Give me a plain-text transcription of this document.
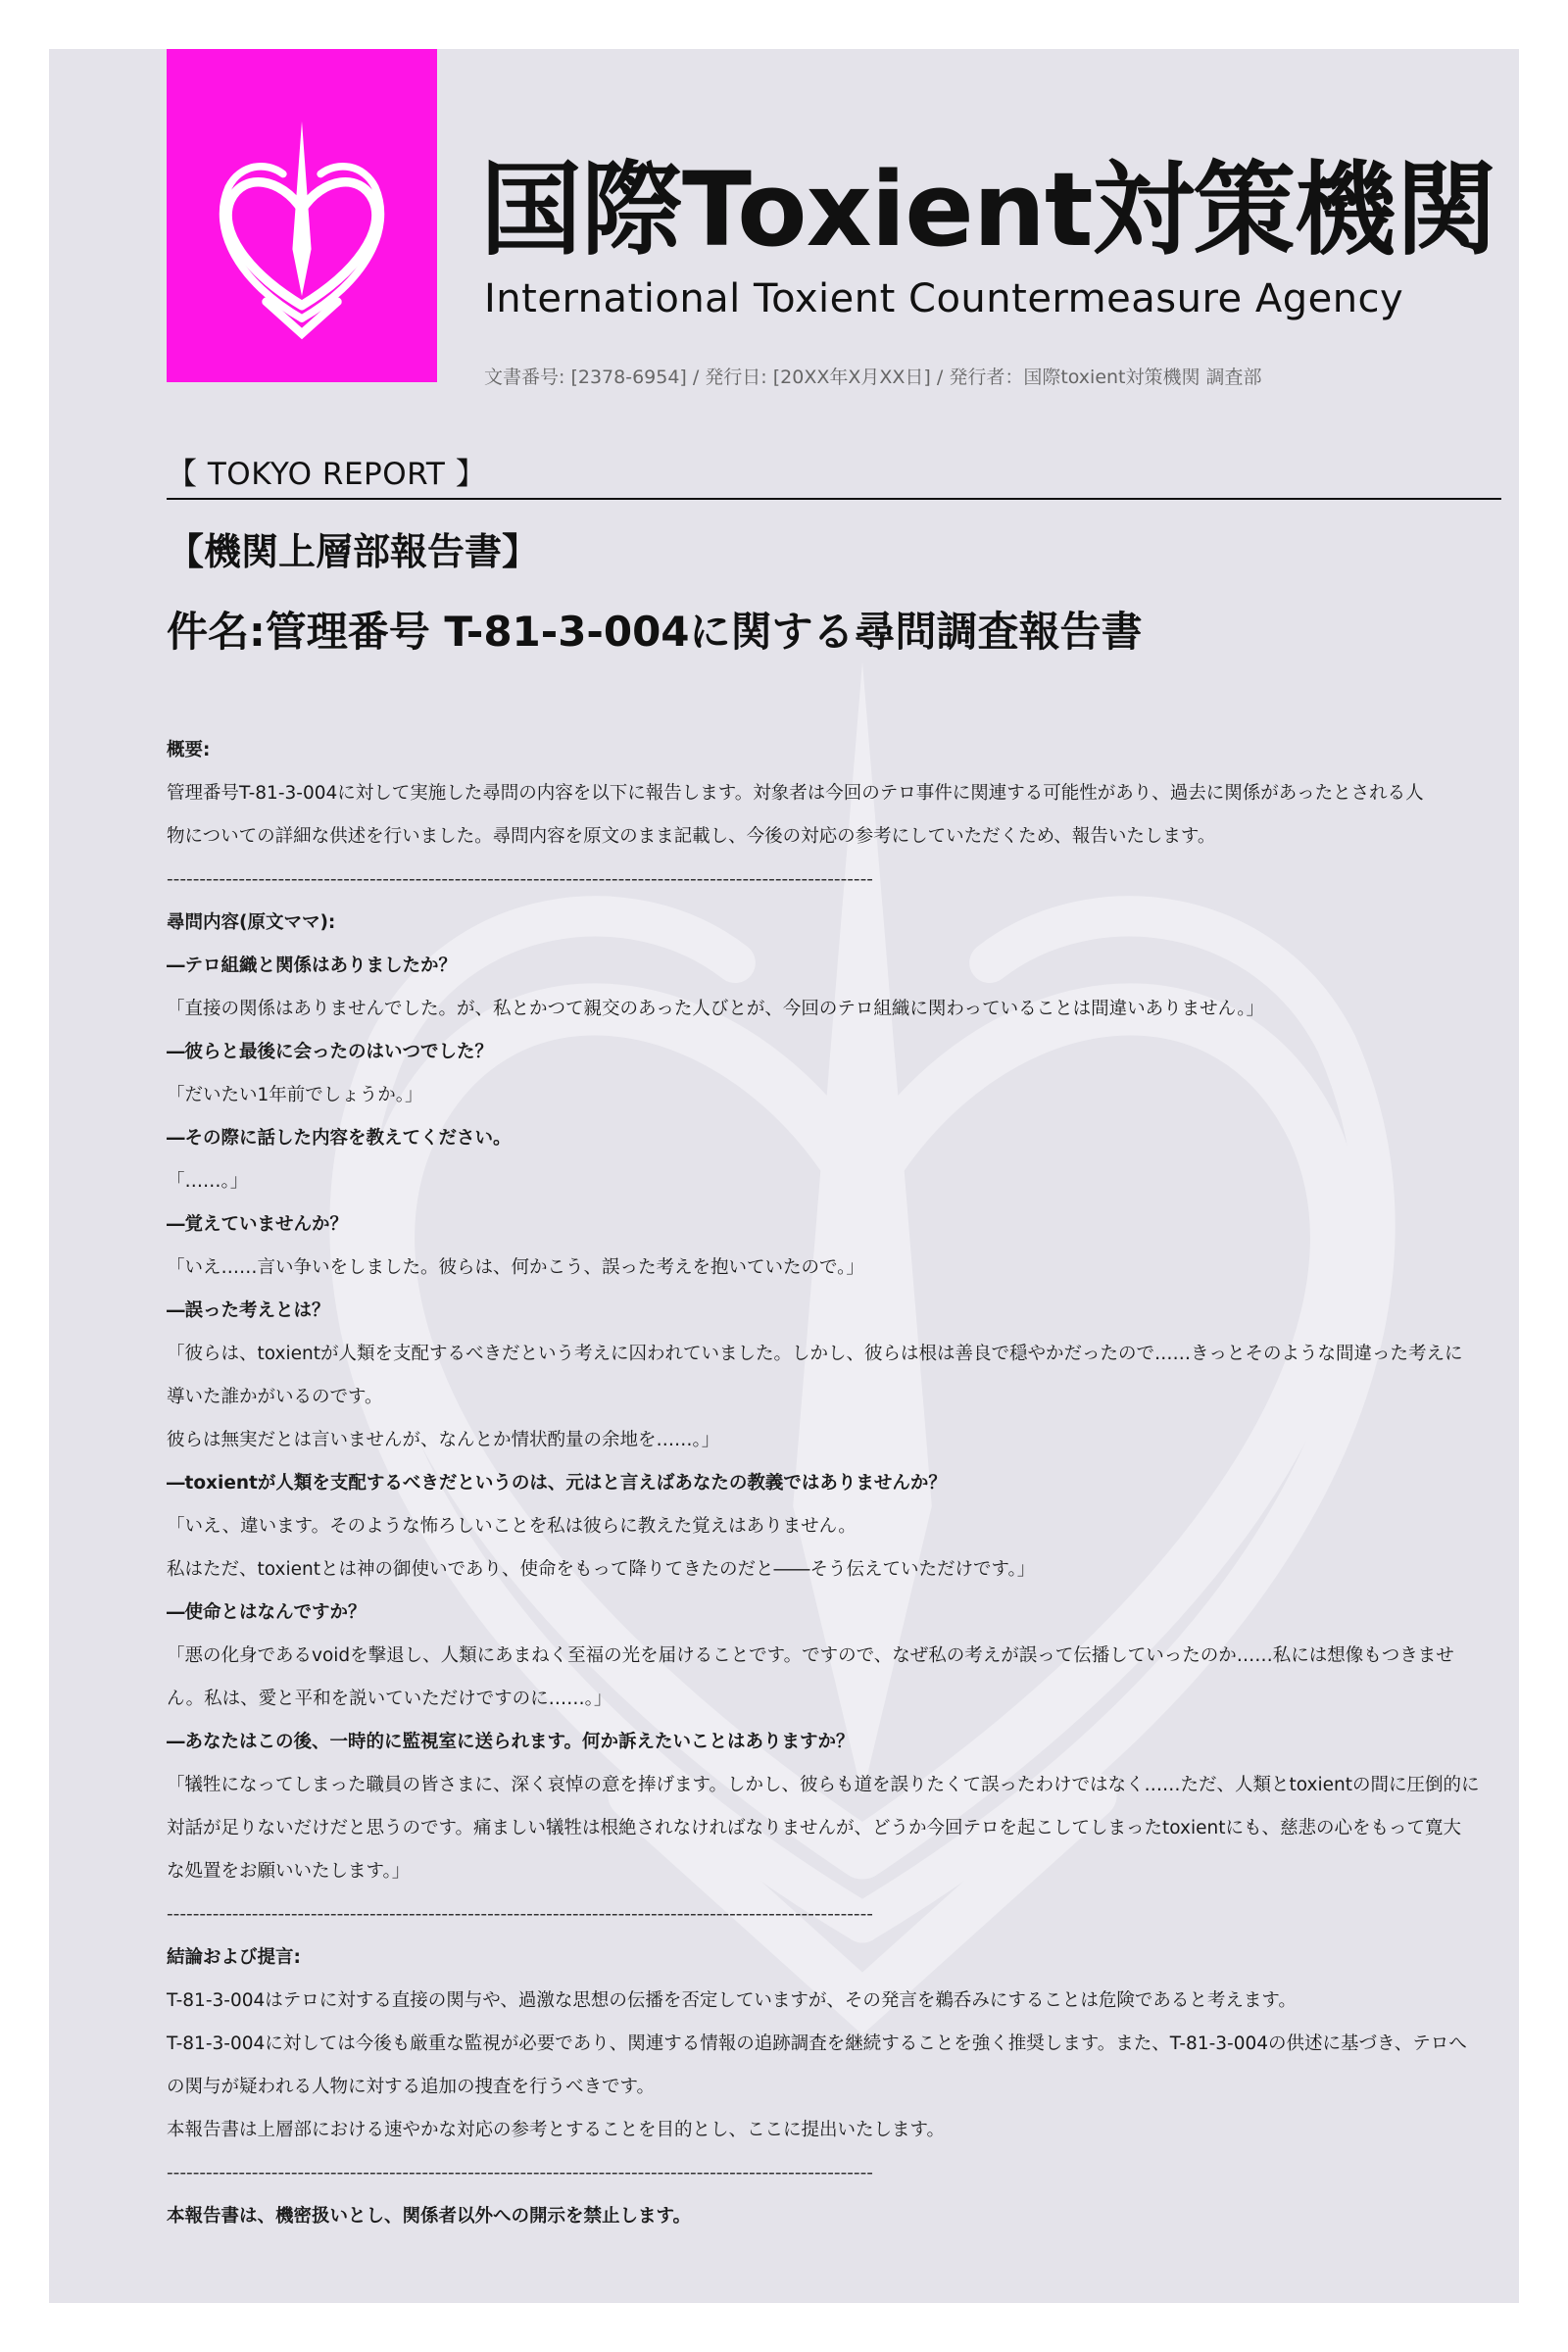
国際Toxient対策機関
International Toxient Countermeasure Agency
文書番号: [2378-6954] / 発行日: [20XX年X月XX日] / 発行者：国際toxient対策機関 調査部
【 TOKYO REPORT 】
【機関上層部報告書】
件名:管理番号 T-81-3-004に関する尋問調査報告書

概要:

管理番号T-81-3-004に対して実施した尋問の内容を以下に報告します。対象者は今回のテロ事件に関連する可能性があり、過去に関係があったとされる人

物についての詳細な供述を行いました。尋問内容を原文のまま記載し、今後の対応の参考にしていただくため、報告いたします。

------------------------------------------------------------------------------------------------------------

尋問内容(原文ママ):

―テロ組織と関係はありましたか？

「直接の関係はありませんでした。が、私とかつて親交のあった人びとが、今回のテロ組織に関わっていることは間違いありません。」

―彼らと最後に会ったのはいつでした？

「だいたい1年前でしょうか。」

―その際に話した内容を教えてください。

「……。」

―覚えていませんか？

「いえ……言い争いをしました。彼らは、何かこう、誤った考えを抱いていたので。」

―誤った考えとは？

「彼らは、toxientが人類を支配するべきだという考えに囚われていました。しかし、彼らは根は善良で穏やかだったので……きっとそのような間違った考えに

導いた誰かがいるのです。

彼らは無実だとは言いませんが、なんとか情状酌量の余地を……。」

―toxientが人類を支配するべきだというのは、元はと言えばあなたの教義ではありませんか？

「いえ、違います。そのような怖ろしいことを私は彼らに教えた覚えはありません。

私はただ、toxientとは神の御使いであり、使命をもって降りてきたのだと――そう伝えていただけです。」

―使命とはなんですか？

「悪の化身であるvoidを撃退し、人類にあまねく至福の光を届けることです。ですので、なぜ私の考えが誤って伝播していったのか……私には想像もつきませ

ん。私は、愛と平和を説いていただけですのに……。」

―あなたはこの後、一時的に監視室に送られます。何か訴えたいことはありますか？

「犠牲になってしまった職員の皆さまに、深く哀悼の意を捧げます。しかし、彼らも道を誤りたくて誤ったわけではなく……ただ、人類とtoxientの間に圧倒的に

対話が足りないだけだと思うのです。痛ましい犠牲は根絶されなければなりませんが、どうか今回テロを起こしてしまったtoxientにも、慈悲の心をもって寛大

な処置をお願いいたします。」

------------------------------------------------------------------------------------------------------------

結論および提言:

T-81-3-004はテロに対する直接の関与や、過激な思想の伝播を否定していますが、その発言を鵜呑みにすることは危険であると考えます。

T-81-3-004に対しては今後も厳重な監視が必要であり、関連する情報の追跡調査を継続することを強く推奨します。また、T-81-3-004の供述に基づき、テロへ

の関与が疑われる人物に対する追加の捜査を行うべきです。

本報告書は上層部における速やかな対応の参考とすることを目的とし、ここに提出いたします。

------------------------------------------------------------------------------------------------------------

本報告書は、機密扱いとし、関係者以外への開示を禁止します。
